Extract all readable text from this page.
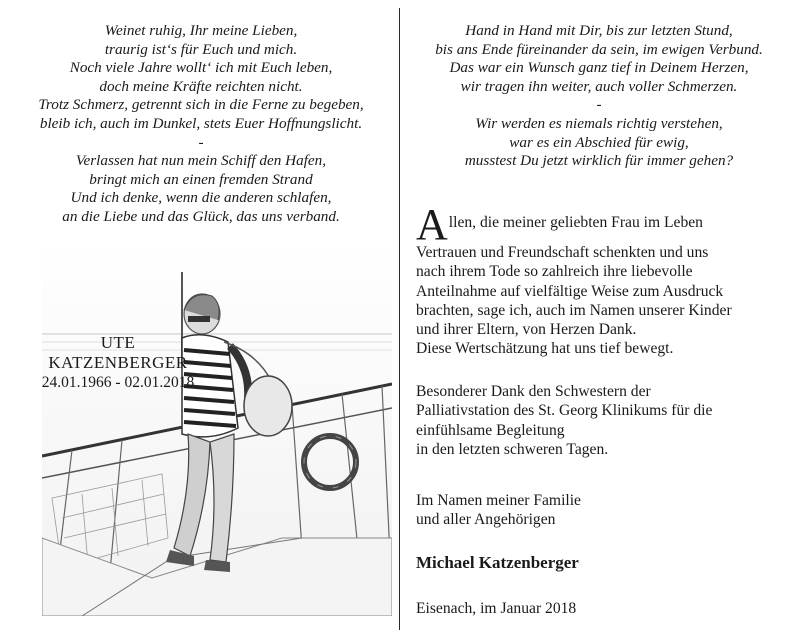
Weinet ruhig, Ihr meine Lieben,
traurig ist‘s für Euch und mich.
Noch viele Jahre wollt‘ ich mit Euch leben,
doch meine Kräfte reichten nicht.
Trotz Schmerz, getrennt sich in die Ferne zu begeben,
bleib ich, auch im Dunkel, stets Euer Hoffnungslicht.
-
Verlassen hat nun mein Schiff den Hafen,
bringt mich an einen fremden Strand
Und ich denke, wenn die anderen schlafen,
an die Liebe und das Glück, das uns verband.
Hand in Hand mit Dir, bis zur letzten Stund,
bis ans Ende füreinander da sein, im ewigen Verbund.
Das war ein Wunsch ganz tief in Deinem Herzen,
wir tragen ihn weiter, auch voller Schmerzen.
-
Wir werden es niemals richtig verstehen,
war es ein Abschied für ewig,
musstest Du jetzt wirklich für immer gehen?
UTE
KATZENBERGER
24.01.1966 - 02.01.2018
A llen, die meiner geliebten Frau im Leben
Vertrauen und Freundschaft schenkten und uns
nach ihrem Tode so zahlreich ihre liebevolle
Anteilnahme auf vielfältige Weise zum Ausdruck
brachten, sage ich, auch im Namen unserer Kinder
und ihrer Eltern, von Herzen Dank.
Diese Wertschätzung hat uns tief bewegt.
Besonderer Dank den Schwestern der
Palliativstation des St. Georg Klinikums für die
einfühlsame Begleitung
in den letzten schweren Tagen.
Im Namen meiner Familie
und aller Angehörigen
Michael Katzenberger
Eisenach, im Januar 2018
